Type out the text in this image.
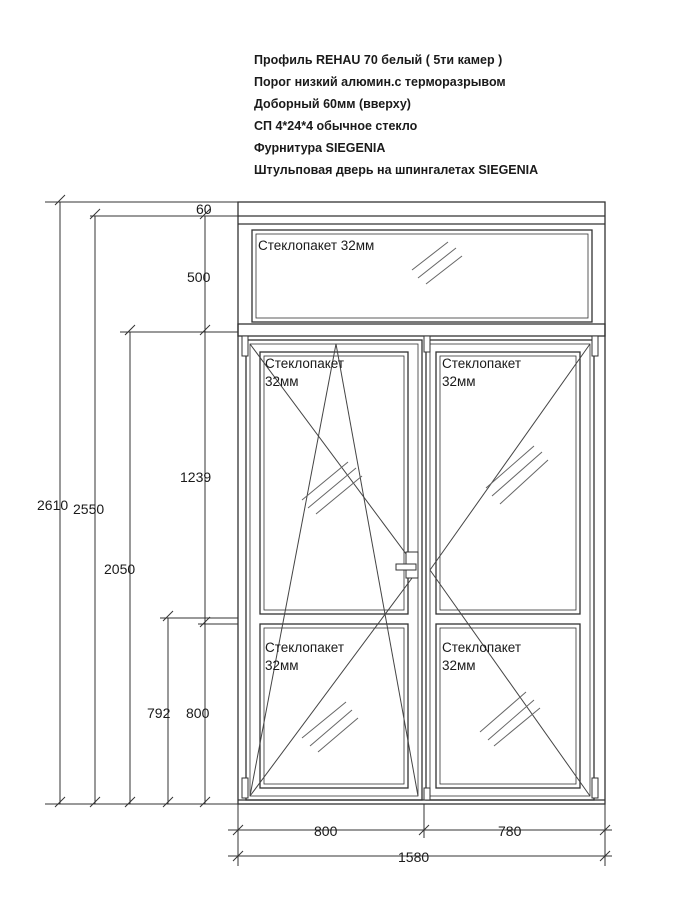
Профиль REHAU 70 белый ( 5ти камер )
Порог низкий алюмин.с терморазрывом
Доборный 60мм (вверху)
СП 4*24*4 обычное стекло
Фурнитура SIEGENIA
Штульповая дверь на шпингалетах SIEGENIA
Стеклопакет 32мм
Стеклопакет
32мм
Стеклопакет
32мм
Стеклопакет
32мм
Стеклопакет
32мм
60
500
1239
800
792
2050
2550
2610
800	780
1580
